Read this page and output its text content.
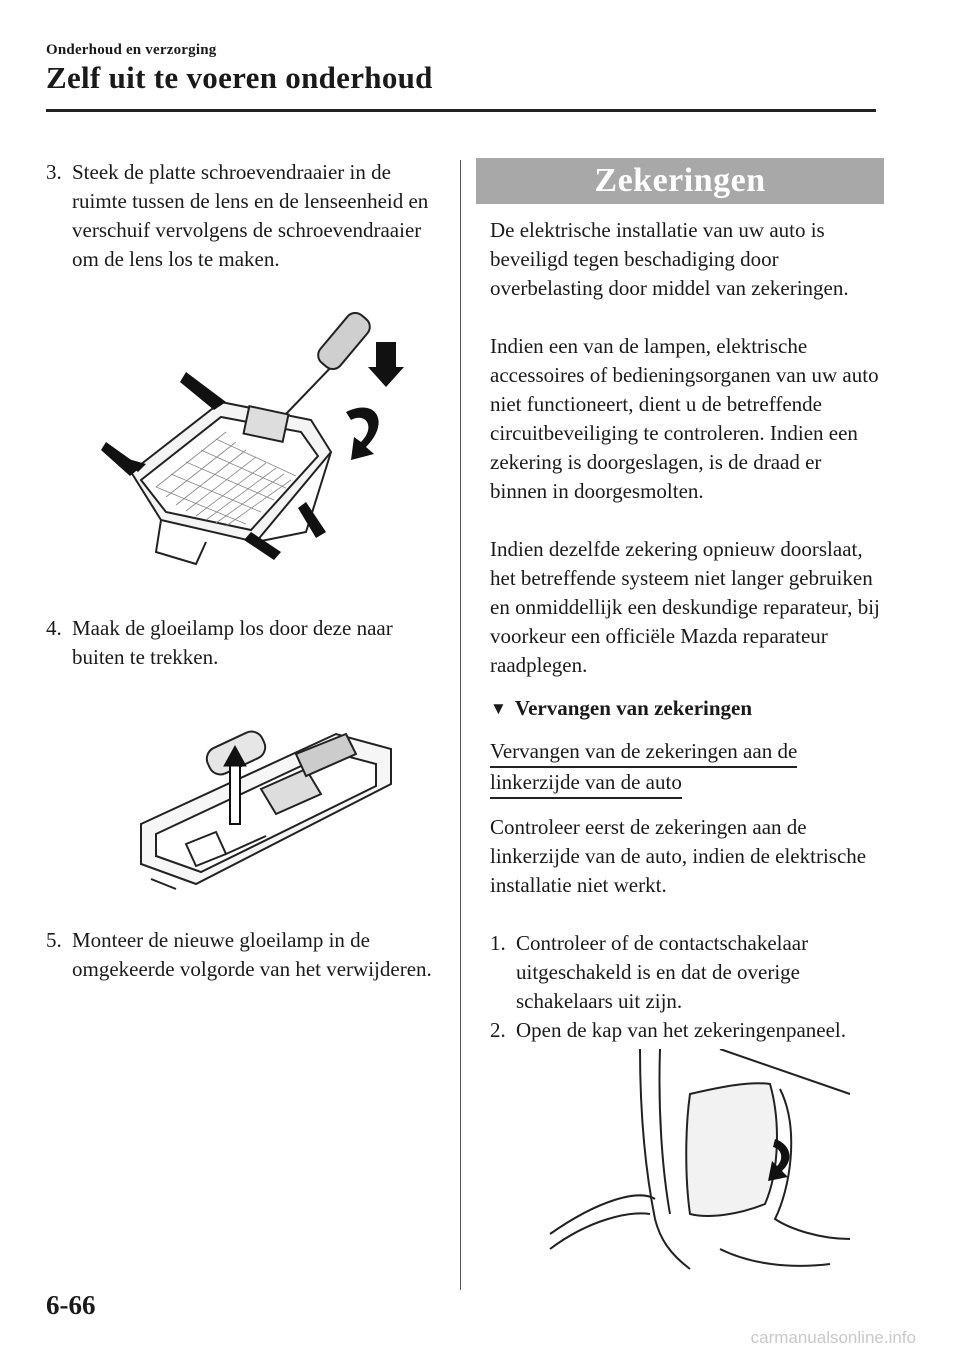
Onderhoud en verzorging
Zelf uit te voeren onderhoud
3. Steek de platte schroevendraaier in de ruimte tussen de lens en de lenseenheid en verschuif vervolgens de schroevendraaier om de lens los te maken.
4. Maak de gloeilamp los door deze naar buiten te trekken.
5. Monteer de nieuwe gloeilamp in de omgekeerde volgorde van het verwijderen.
Zekeringen

De elektrische installatie van uw auto is beveiligd tegen beschadiging door overbelasting door middel van zekeringen.

Indien een van de lampen, elektrische accessoires of bedieningsorganen van uw auto niet functioneert, dient u de betreffende circuitbeveiliging te controleren. Indien een zekering is doorgeslagen, is de draad er binnen in doorgesmolten.

Indien dezelfde zekering opnieuw doorslaat, het betreffende systeem niet langer gebruiken en onmiddellijk een deskundige reparateur, bij voorkeur een officiële Mazda reparateur raadplegen.

▼ Vervangen van zekeringen
Vervangen van de zekeringen aan de
linkerzijde van de auto

Controleer eerst de zekeringen aan de linkerzijde van de auto, indien de elektrische installatie niet werkt.

1. Controleer of de contactschakelaar uitgeschakeld is en dat de overige schakelaars uit zijn.
2. Open de kap van het zekeringenpaneel.
6-66
carmanualsonline.info
